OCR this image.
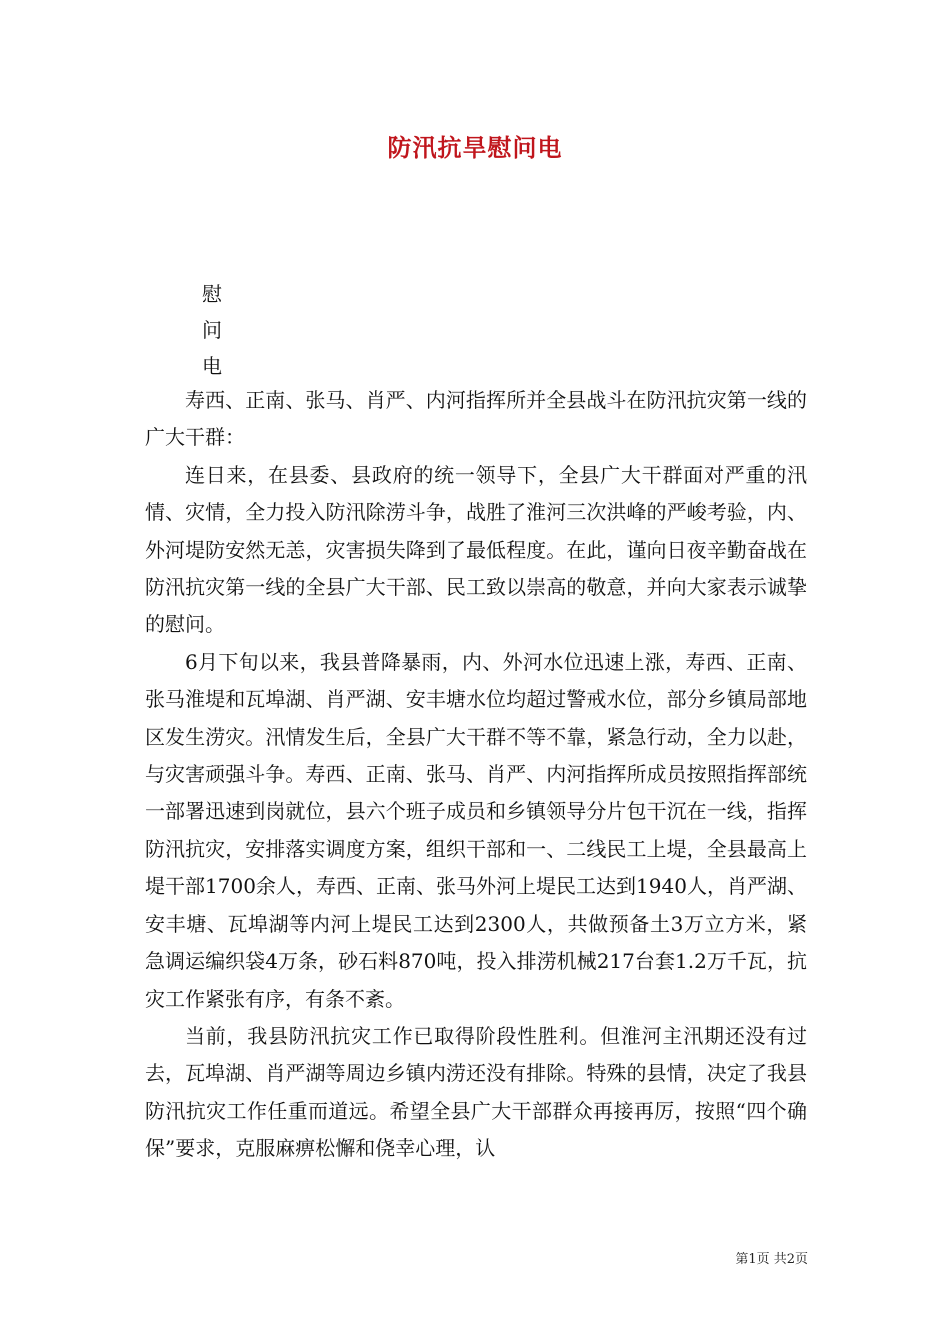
防汛抗旱慰问电
慰
问
电

寿西、正南、张马、肖严、内河指挥所并全县战斗在防汛抗灾第一线的广大干群：

连日来，在县委、县政府的统一领导下，全县广大干群面对严重的汛情、灾情，全力投入防汛除涝斗争，战胜了淮河三次洪峰的严峻考验，内、外河堤防安然无恙，灾害损失降到了最低程度。在此，谨向日夜辛勤奋战在防汛抗灾第一线的全县广大干部、民工致以崇高的敬意，并向大家表示诚挚的慰问。

6月下旬以来，我县普降暴雨，内、外河水位迅速上涨，寿西、正南、张马淮堤和瓦埠湖、肖严湖、安丰塘水位均超过警戒水位，部分乡镇局部地区发生涝灾。汛情发生后，全县广大干群不等不靠，紧急行动，全力以赴，与灾害顽强斗争。寿西、正南、张马、肖严、内河指挥所成员按照指挥部统一部署迅速到岗就位，县六个班子成员和乡镇领导分片包干沉在一线，指挥防汛抗灾，安排落实调度方案，组织干部和一、二线民工上堤，全县最高上堤干部1700余人，寿西、正南、张马外河上堤民工达到1940人，肖严湖、安丰塘、瓦埠湖等内河上堤民工达到2300人，共做预备土3万立方米，紧急调运编织袋4万条，砂石料870吨，投入排涝机械217台套1.2万千瓦，抗灾工作紧张有序，有条不紊。

当前，我县防汛抗灾工作已取得阶段性胜利。但淮河主汛期还没有过去，瓦埠湖、肖严湖等周边乡镇内涝还没有排除。特殊的县情，决定了我县防汛抗灾工作任重而道远。希望全县广大干部群众再接再厉，按照“四个确保”要求，克服麻痹松懈和侥幸心理，认

第1页 共2页
